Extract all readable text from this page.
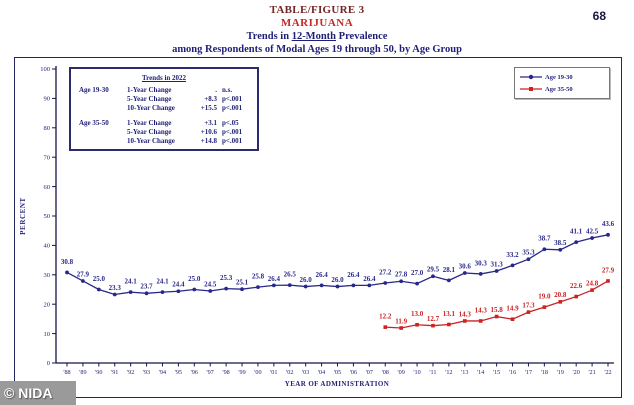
TABLE/FIGURE 3
MARIJUANA
Trends in 12-Month Prevalence
among Respondents of Modal Ages 19 through 50, by Age Group
68
0
10
20
30
40
50
60
70
80
90
100
'88 '89 '90 '91 '92 '93 '94 '95 '96 '97 '98 '99 '00 '01 '02 '03 '04 '05 '06 '07 '08 '09 '10 '11 '12 '13 '14 '15 '16 '17 '18 '19 '20 '21 '22
YEAR OF ADMINISTRATION
PERCENT
30.8
27.9
25.0
23.3
24.1
23.7
24.1 24.4
25.0
24.5
25.3
25.1
25.8 26.4
26.5
26.0
26.4
26.0
26.4 26.4
27.2 27.8 27.0 29.5 28.1 30.6 30.3 31.3
33.2 35.3
38.7
38.5
41.1 42.5
43.6
12.2
11.9
13.0
12.7
13.1 14.3 14.3 15.8 14.9 17.3
19.0 20.8
22.6 24.8
27.9
Trends in 2022
Age 19-30	1-Year Change	. n.s.
5-Year Change	+8.3 p<.001
10-Year Change	+15.5 p<.001
Age 35-50	1-Year Change	+3.1 p<.05
5-Year Change	+10.6 p<.001
10-Year Change	+14.8 p<.001
Age 19-30
Age 35-50
© NIDA
